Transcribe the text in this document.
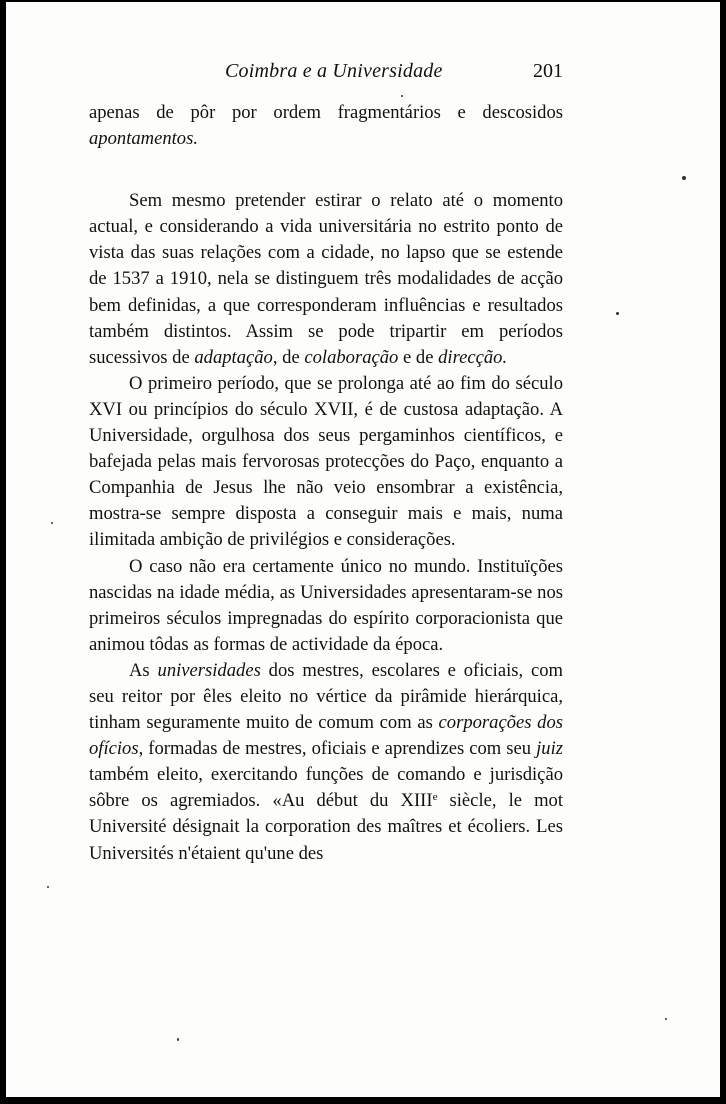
Coimbra e a Universidade	201

apenas de pôr por ordem fragmentários e descosidos apontamentos.

Sem mesmo pretender estirar o relato até o momento actual, e considerando a vida universitária no estrito ponto de vista das suas relações com a cidade, no lapso que se estende de 1537 a 1910, nela se distinguem três modalidades de acção bem definidas, a que corresponderam influências e resultados também distintos. Assim se pode tripartir em períodos sucessivos de adaptação, de colaboração e de direcção.

O primeiro período, que se prolonga até ao fim do século XVI ou princípios do século XVII, é de custosa adaptação. A Universidade, orgulhosa dos seus pergaminhos científicos, e bafejada pelas mais fervorosas protecções do Paço, enquanto a Companhia de Jesus lhe não veio ensombrar a existência, mostra-se sempre disposta a conseguir mais e mais, numa ilimitada ambição de privilégios e considerações.

O caso não era certamente único no mundo. Instituïções nascidas na idade média, as Universidades apresentaram-se nos primeiros séculos impregnadas do espírito corporacionista que animou tôdas as formas de actividade da época.

As universidades dos mestres, escolares e oficiais, com seu reitor por êles eleito no vértice da pirâmide hierárquica, tinham seguramente muito de comum com as corporações dos ofícios, formadas de mestres, oficiais e aprendizes com seu juiz também eleito, exercitando funções de comando e jurisdição sôbre os agremiados. «Au début du XIIIe siècle, le mot Université désignait la corporation des maîtres et écoliers. Les Universités n'étaient qu'une des
